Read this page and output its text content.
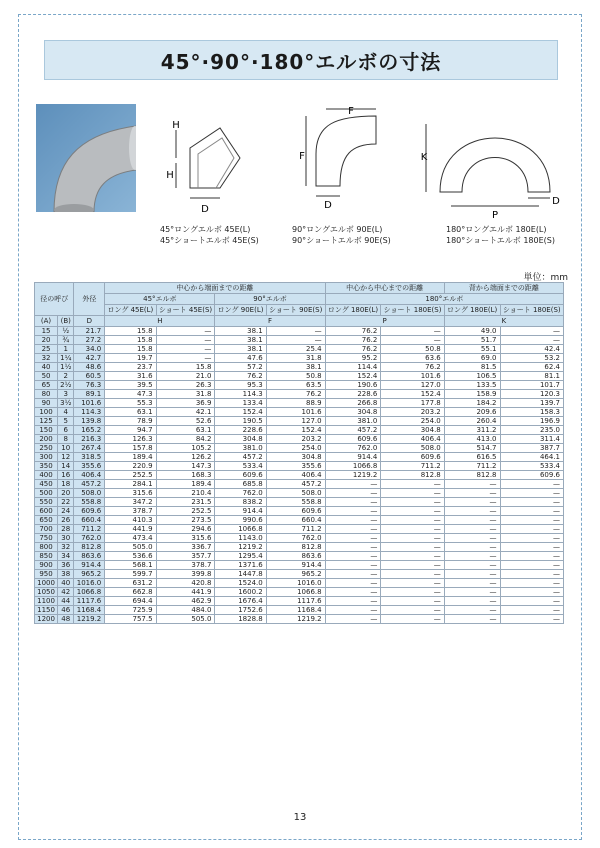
45°·90°·180°エルボの寸法
H
H
D
45°ロングエルボ 45E(L)
45°ショートエルボ 45E(S)
F
F
D
90°ロングエルボ 90E(L)
90°ショートエルボ 90E(S)
K
P
D
180°ロングエルボ 180E(L)
180°ショートエルボ 180E(S)
単位：mm
径の呼び		外径	中心から端面までの距離				中心から中心までの距離		背から端面までの距離	
			45°エルボ		90°エルボ		180°エルボ			
			ロング 45E(L)	ショート 45E(S)	ロング 90E(L)	ショート 90E(S)	ロング 180E(L)	ショート 180E(S)	ロング 180E(L)	ショート 180E(S)
(A)	(B)	D	H		F		P		K	
15	½	21.7	15.8	—	38.1	—	76.2	—	49.0	—
20	¾	27.2	15.8	—	38.1	—	76.2	—	51.7	—
25	1	34.0	15.8	—	38.1	25.4	76.2	50.8	55.1	42.4
32	1¼	42.7	19.7	—	47.6	31.8	95.2	63.6	69.0	53.2
40	1½	48.6	23.7	15.8	57.2	38.1	114.4	76.2	81.5	62.4
50	2	60.5	31.6	21.0	76.2	50.8	152.4	101.6	106.5	81.1
65	2½	76.3	39.5	26.3	95.3	63.5	190.6	127.0	133.5	101.7
80	3	89.1	47.3	31.8	114.3	76.2	228.6	152.4	158.9	120.3
90	3½	101.6	55.3	36.9	133.4	88.9	266.8	177.8	184.2	139.7
100	4	114.3	63.1	42.1	152.4	101.6	304.8	203.2	209.6	158.3
125	5	139.8	78.9	52.6	190.5	127.0	381.0	254.0	260.4	196.9
150	6	165.2	94.7	63.1	228.6	152.4	457.2	304.8	311.2	235.0
200	8	216.3	126.3	84.2	304.8	203.2	609.6	406.4	413.0	311.4
250	10	267.4	157.8	105.2	381.0	254.0	762.0	508.0	514.7	387.7
300	12	318.5	189.4	126.2	457.2	304.8	914.4	609.6	616.5	464.1
350	14	355.6	220.9	147.3	533.4	355.6	1066.8	711.2	711.2	533.4
400	16	406.4	252.5	168.3	609.6	406.4	1219.2	812.8	812.8	609.6
450	18	457.2	284.1	189.4	685.8	457.2	—	—	—	—
500	20	508.0	315.6	210.4	762.0	508.0	—	—	—	—
550	22	558.8	347.2	231.5	838.2	558.8	—	—	—	—
600	24	609.6	378.7	252.5	914.4	609.6	—	—	—	—
650	26	660.4	410.3	273.5	990.6	660.4	—	—	—	—
700	28	711.2	441.9	294.6	1066.8	711.2	—	—	—	—
750	30	762.0	473.4	315.6	1143.0	762.0	—	—	—	—
800	32	812.8	505.0	336.7	1219.2	812.8	—	—	—	—
850	34	863.6	536.6	357.7	1295.4	863.6	—	—	—	—
900	36	914.4	568.1	378.7	1371.6	914.4	—	—	—	—
950	38	965.2	599.7	399.8	1447.8	965.2	—	—	—	—
1000	40	1016.0	631.2	420.8	1524.0	1016.0	—	—	—	—
1050	42	1066.8	662.8	441.9	1600.2	1066.8	—	—	—	—
1100	44	1117.6	694.4	462.9	1676.4	1117.6	—	—	—	—
1150	46	1168.4	725.9	484.0	1752.6	1168.4	—	—	—	—
1200	48	1219.2	757.5	505.0	1828.8	1219.2	—	—	—	—
13
